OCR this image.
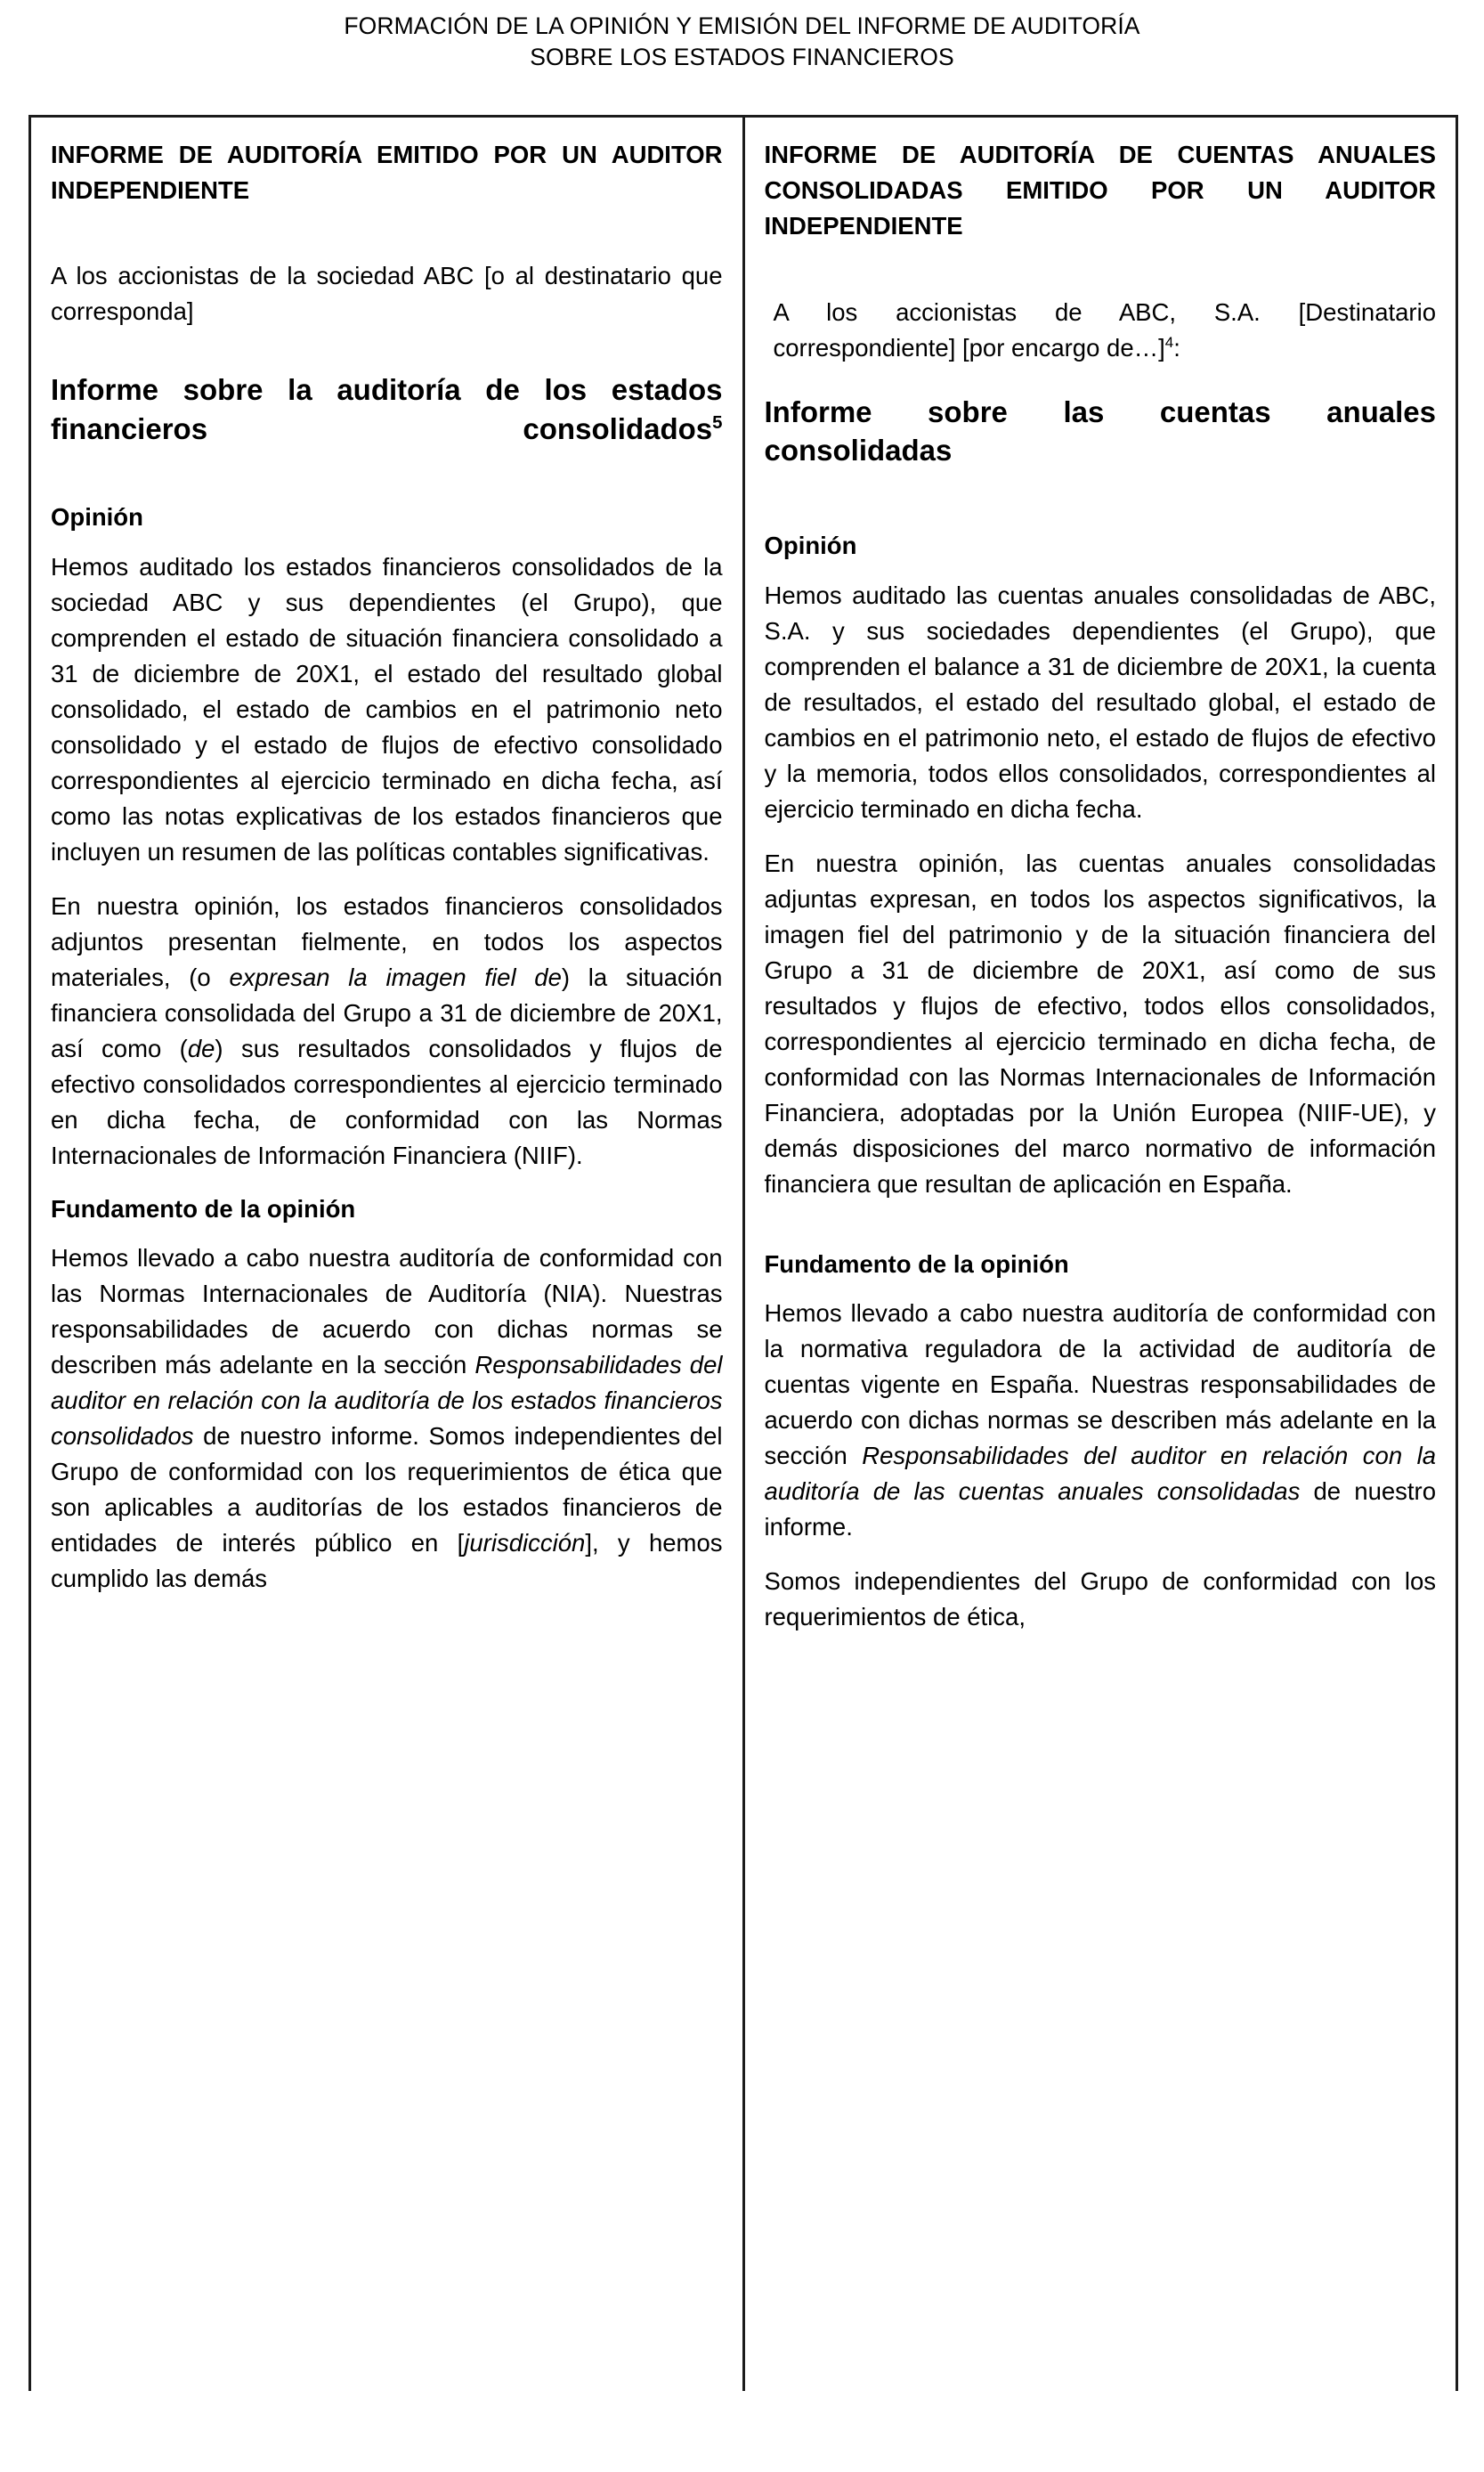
FORMACIÓN DE LA OPINIÓN Y EMISIÓN DEL INFORME DE AUDITORÍA
SOBRE LOS ESTADOS FINANCIEROS
INFORME DE AUDITORÍA EMITIDO POR UN AUDITOR INDEPENDIENTE
A los accionistas de la sociedad ABC [o al destinatario que corresponda]
Informe sobre la auditoría de los estados financieros consolidados$^5$
Opinión

Hemos auditado los estados financieros consolidados de la sociedad ABC y sus dependientes (el Grupo), que comprenden el estado de situación financiera consolidado a 31 de diciembre de 20X1, el estado del resultado global consolidado, el estado de cambios en el patrimonio neto consolidado y el estado de flujos de efectivo consolidado correspondientes al ejercicio terminado en dicha fecha, así como las notas explicativas de los estados financieros que incluyen un resumen de las políticas contables significativas.

En nuestra opinión, los estados financieros consolidados adjuntos presentan fielmente, en todos los aspectos materiales, (o expresan la imagen fiel de) la situación financiera consolidada del Grupo a 31 de diciembre de 20X1, así como (de) sus resultados consolidados y flujos de efectivo consolidados correspondientes al ejercicio terminado en dicha fecha, de conformidad con las Normas Internacionales de Información Financiera (NIIF).

Fundamento de la opinión

Hemos llevado a cabo nuestra auditoría de conformidad con las Normas Internacionales de Auditoría (NIA). Nuestras responsabilidades de acuerdo con dichas normas se describen más adelante en la sección Responsabilidades del auditor en relación con la auditoría de los estados financieros consolidados de nuestro informe. Somos independientes del Grupo de conformidad con los requerimientos de ética que son aplicables a auditorías de los estados financieros de entidades de interés público en [jurisdicción], y hemos cumplido las demás

INFORME DE AUDITORÍA DE CUENTAS ANUALES CONSOLIDADAS EMITIDO POR UN AUDITOR INDEPENDIENTE
A los accionistas de ABC, S.A. [Destinatario correspondiente] [por encargo de…]$^4$:
Informe sobre las cuentas anuales consolidadas
Opinión

Hemos auditado las cuentas anuales consolidadas de ABC, S.A. y sus sociedades dependientes (el Grupo), que comprenden el balance a 31 de diciembre de 20X1, la cuenta de resultados, el estado del resultado global, el estado de cambios en el patrimonio neto, el estado de flujos de efectivo y la memoria, todos ellos consolidados, correspondientes al ejercicio terminado en dicha fecha.

En nuestra opinión, las cuentas anuales consolidadas adjuntas expresan, en todos los aspectos significativos, la imagen fiel del patrimonio y de la situación financiera del Grupo a 31 de diciembre de 20X1, así como de sus resultados y flujos de efectivo, todos ellos consolidados, correspondientes al ejercicio terminado en dicha fecha, de conformidad con las Normas Internacionales de Información Financiera, adoptadas por la Unión Europea (NIIF-UE), y demás disposiciones del marco normativo de información financiera que resultan de aplicación en España.

Fundamento de la opinión

Hemos llevado a cabo nuestra auditoría de conformidad con la normativa reguladora de la actividad de auditoría de cuentas vigente en España. Nuestras responsabilidades de acuerdo con dichas normas se describen más adelante en la sección Responsabilidades del auditor en relación con la auditoría de las cuentas anuales consolidadas de nuestro informe.

Somos independientes del Grupo de conformidad con los requerimientos de ética,
